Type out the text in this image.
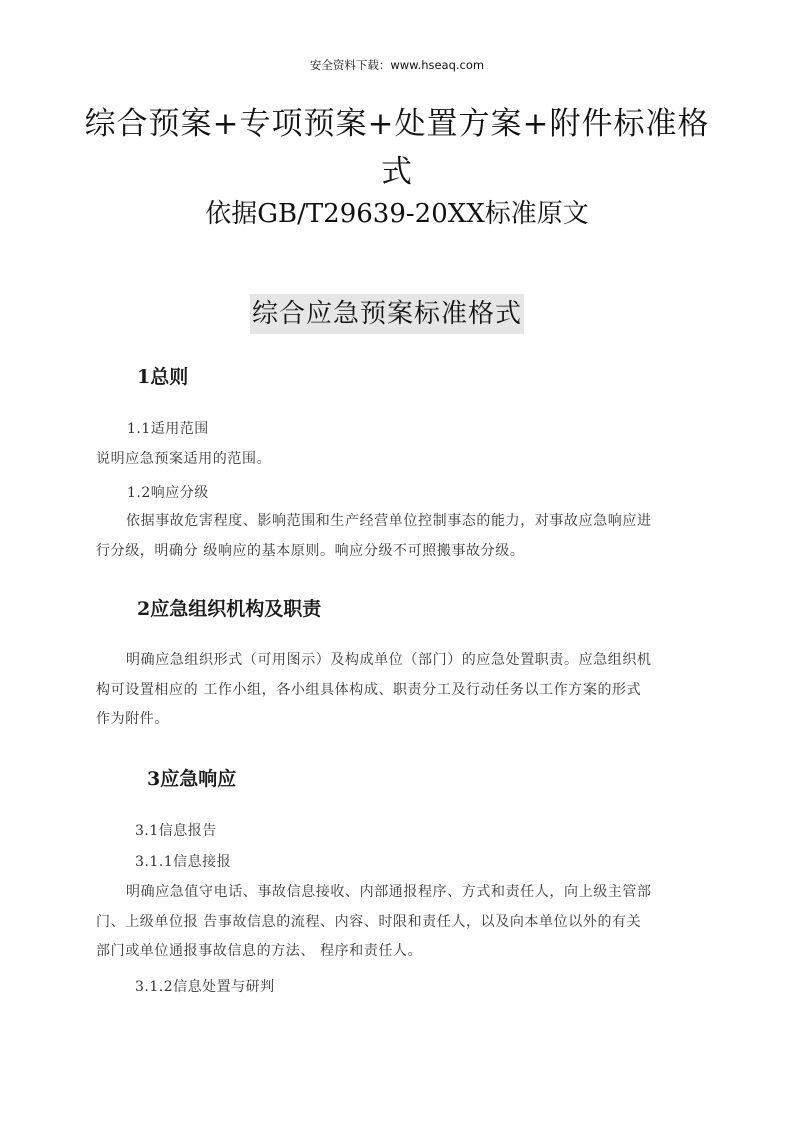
安全资料下载：www.hseaq.com
综合预案+专项预案+处置方案+附件标准格
式
依据GB/T29639-20XX标准原文
综合应急预案标准格式
1总则
1.1适用范围
说明应急预案适用的范围。
1.2响应分级
依据事故危害程度、影响范围和生产经营单位控制事态的能力，对事故应急响应进
行分级，明确分 级响应的基本原则。响应分级不可照搬事故分级。
2应急组织机构及职责
明确应急组织形式（可用图示）及构成单位（部门）的应急处置职责。应急组织机
构可设置相应的 工作小组，各小组具体构成、职责分工及行动任务以工作方案的形式
作为附件。
3应急响应
3.1信息报告
3.1.1信息接报
明确应急值守电话、事故信息接收、内部通报程序、方式和责任人，向上级主管部
门、上级单位报 告事故信息的流程、内容、时限和责任人，以及向本单位以外的有关
部门或单位通报事故信息的方法、 程序和责任人。
3.1.2信息处置与研判
